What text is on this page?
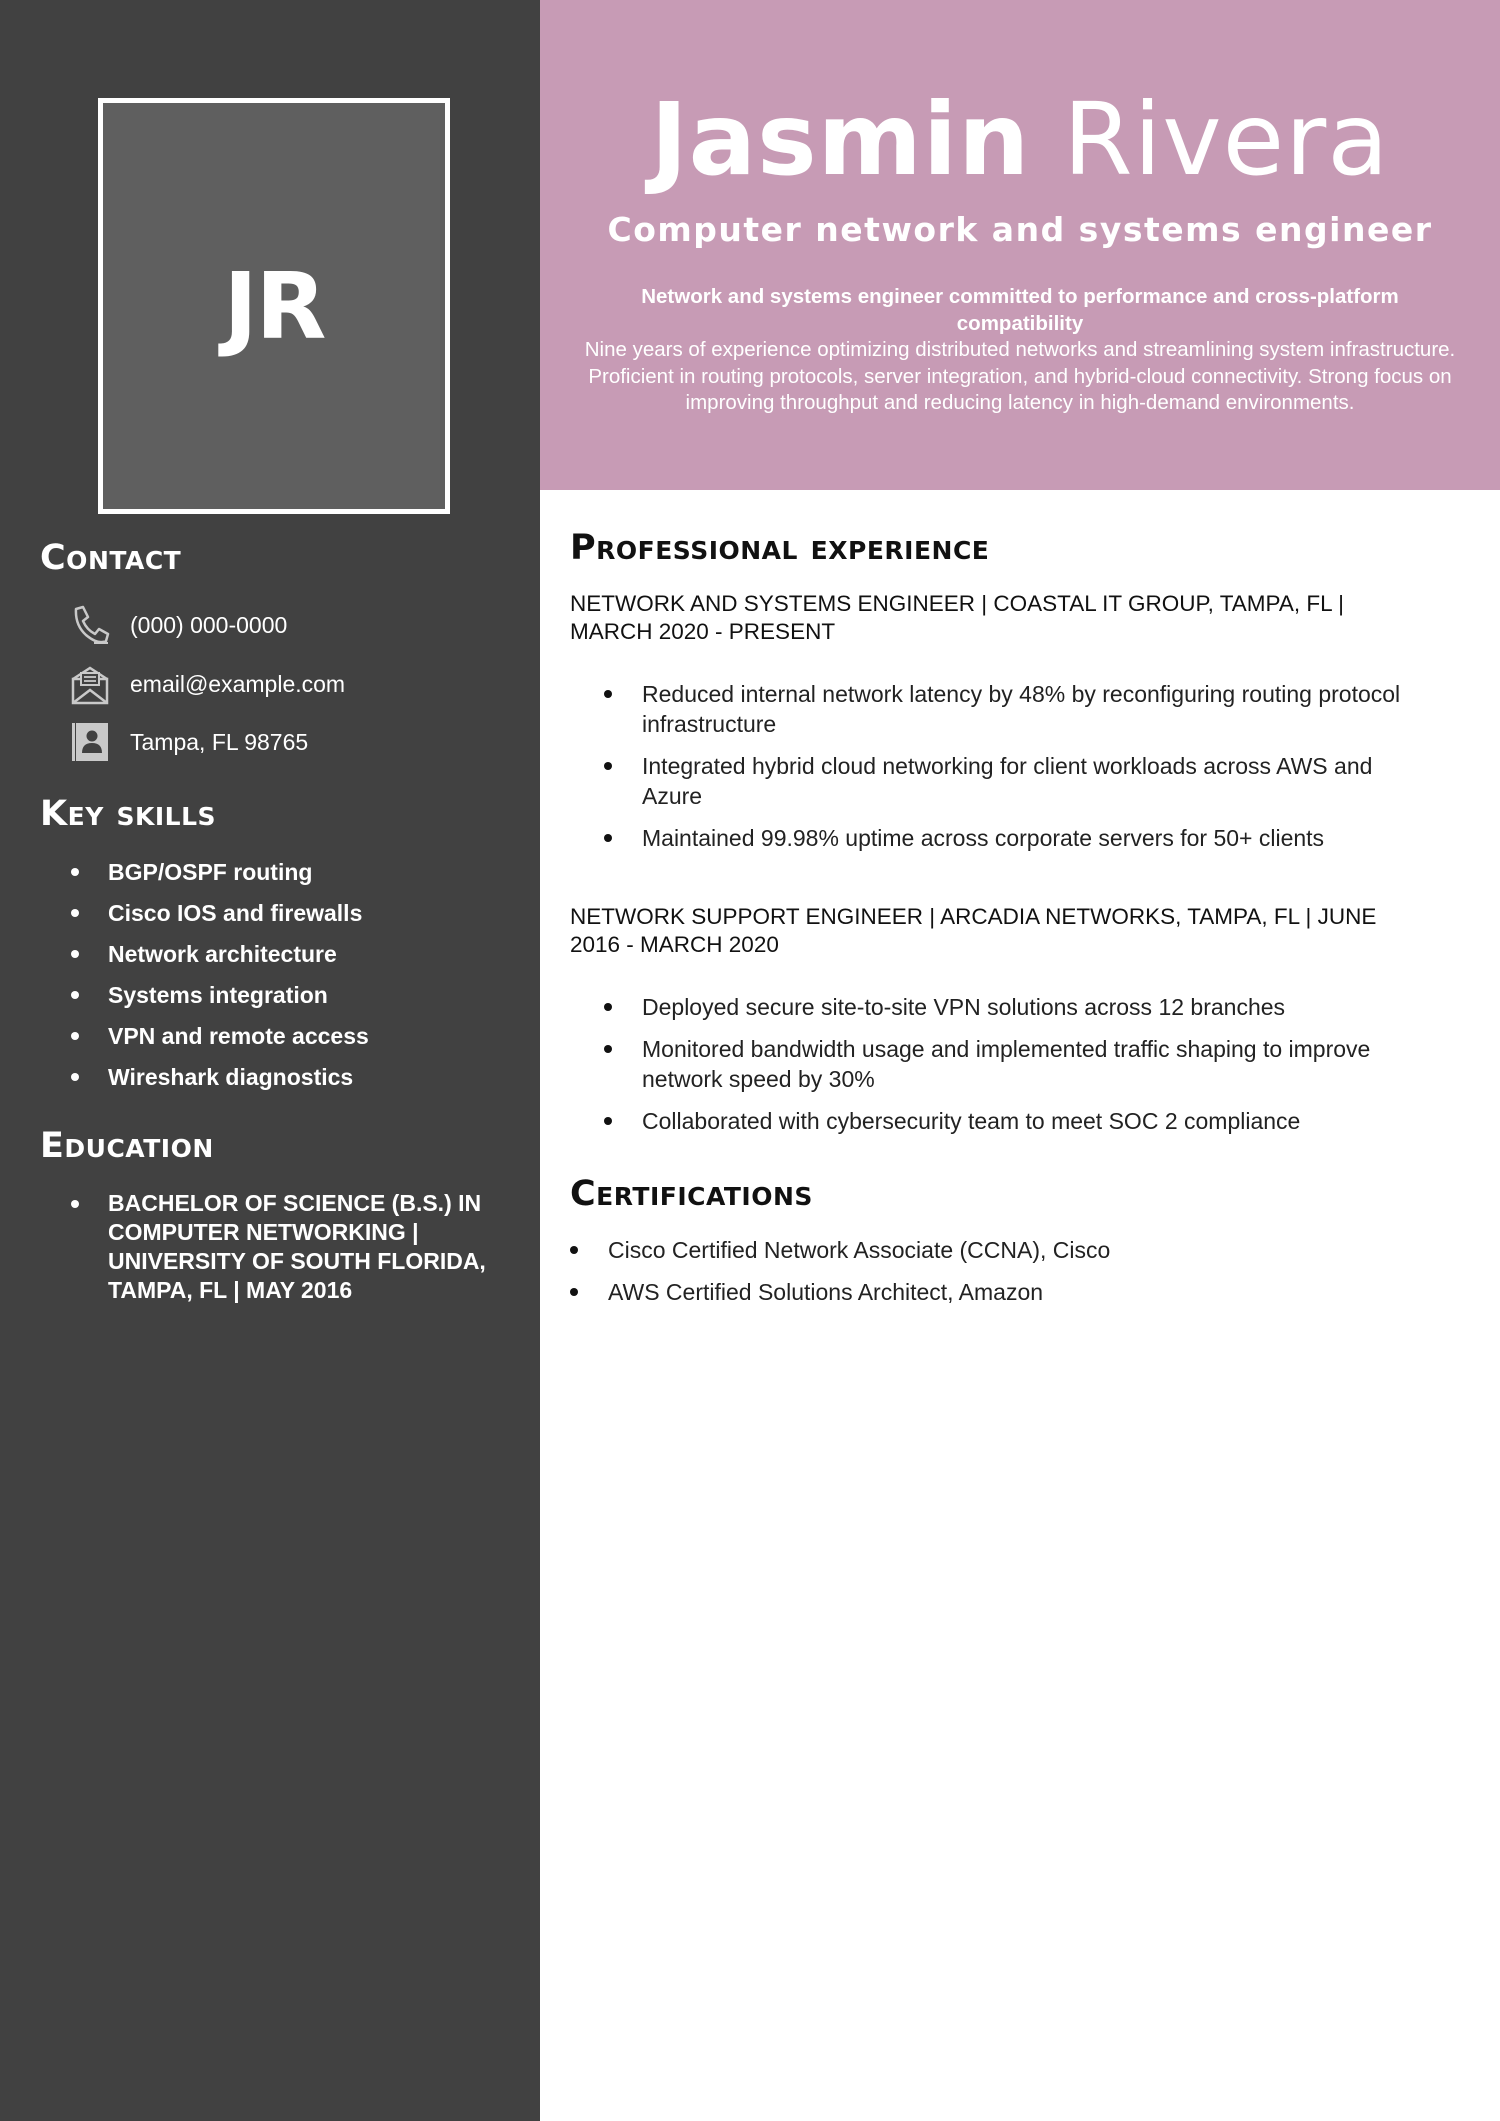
JR
Contact
(000) 000-0000
email@example.com
Tampa, FL 98765
Key skills
BGP/OSPF routing
Cisco IOS and firewalls
Network architecture
Systems integration
VPN and remote access
Wireshark diagnostics
Education
BACHELOR OF SCIENCE (B.S.) IN COMPUTER NETWORKING | UNIVERSITY OF SOUTH FLORIDA, TAMPA, FL | MAY 2016
Jasmin Rivera
Computer network and systems engineer
Network and systems engineer committed to performance and cross-platform compatibility
Nine years of experience optimizing distributed networks and streamlining system infrastructure. Proficient in routing protocols, server integration, and hybrid-cloud connectivity. Strong focus on improving throughput and reducing latency in high-demand environments.
Professional experience
NETWORK AND SYSTEMS ENGINEER | COASTAL IT GROUP, TAMPA, FL | MARCH 2020 - PRESENT
Reduced internal network latency by 48% by reconfiguring routing protocol infrastructure
Integrated hybrid cloud networking for client workloads across AWS and Azure
Maintained 99.98% uptime across corporate servers for 50+ clients
NETWORK SUPPORT ENGINEER | ARCADIA NETWORKS, TAMPA, FL | JUNE 2016 - MARCH 2020
Deployed secure site-to-site VPN solutions across 12 branches
Monitored bandwidth usage and implemented traffic shaping to improve network speed by 30%
Collaborated with cybersecurity team to meet SOC 2 compliance
Certifications
Cisco Certified Network Associate (CCNA), Cisco
AWS Certified Solutions Architect, Amazon
